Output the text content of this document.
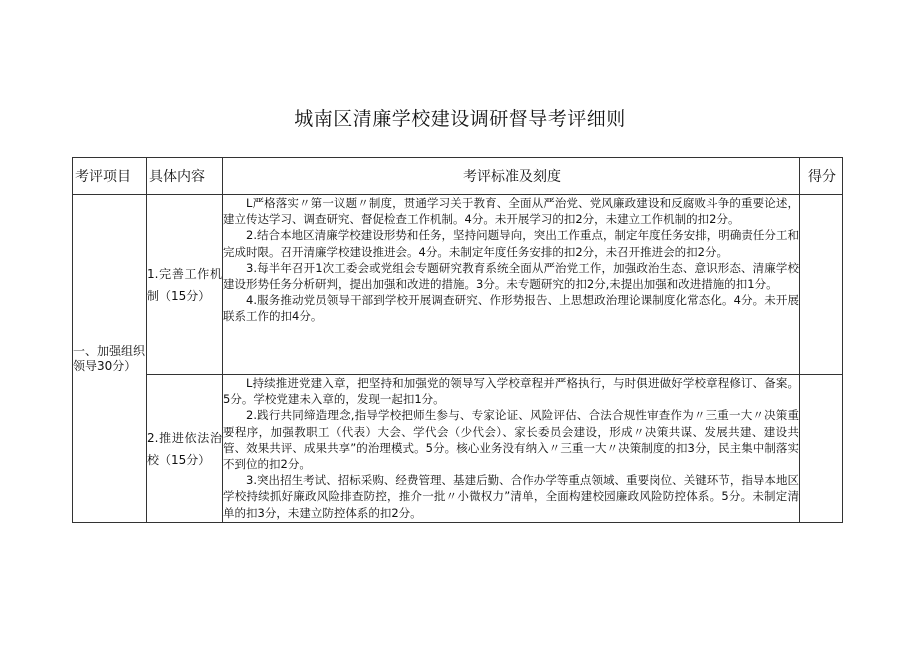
城南区清廉学校建设调研督导考评细则
考评项目	具体内容	考评标准及刻度	得分
一、加强组织领导30分）	1.完善工作机制（15分）	L严格落实〃第一议题〃制度，贯通学习关于教育、全面从严治党、党风廉政建设和反腐败斗争的重要论述，建立传达学习、调查研究、督促检查工作机制。4分。未开展学习的扣2分，未建立工作机制的扣2分。

2.结合本地区清廉学校建设形势和任务，坚持问题导向，突出工作重点，制定年度任务安排，明确责任分工和完成时限。召开清廉学校建设推进会。4分。未制定年度任务安排的扣2分，未召开推进会的扣2分。

3.每半年召开1次工委会或党组会专题研究教育系统全面从严治党工作，加强政治生态、意识形态、清廉学校建设形势任务分析研判，提出加强和改进的措施。3分。未专题研究的扣2分,未提出加强和改进措施的扣1分。

4.服务推动党员领导干部到学校开展调查研究、作形势报告、上思想政治理论课制度化常态化。4分。未开展联系工作的扣4分。	

	2.推进依法治校（15分）	L持续推进党建入章，把坚持和加强党的领导写入学校章程并严格执行，与时俱进做好学校章程修订、备案。5分。学校党建未入章的，发现一起扣1分。

2.践行共同缔造理念,指导学校把师生参与、专家论证、风险评估、合法合规性审查作为〃三重一大〃决策重要程序，加强教职工（代表）大会、学代会（少代会）、家长委员会建设，形成〃决策共谋、发展共建、建设共管、效果共评、成果共享”的治理模式。5分。核心业务没有纳入〃三重一大〃决策制度的扣3分，民主集中制落实不到位的扣2分。

3.突出招生考试、招标采购、经费管理、基建后勤、合作办学等重点领域、重要岗位、关键环节，指导本地区学校持续抓好廉政风险排查防控，推介一批〃小微权力”清单，全面构建校园廉政风险防控体系。5分。未制定清单的扣3分，未建立防控体系的扣2分。	
